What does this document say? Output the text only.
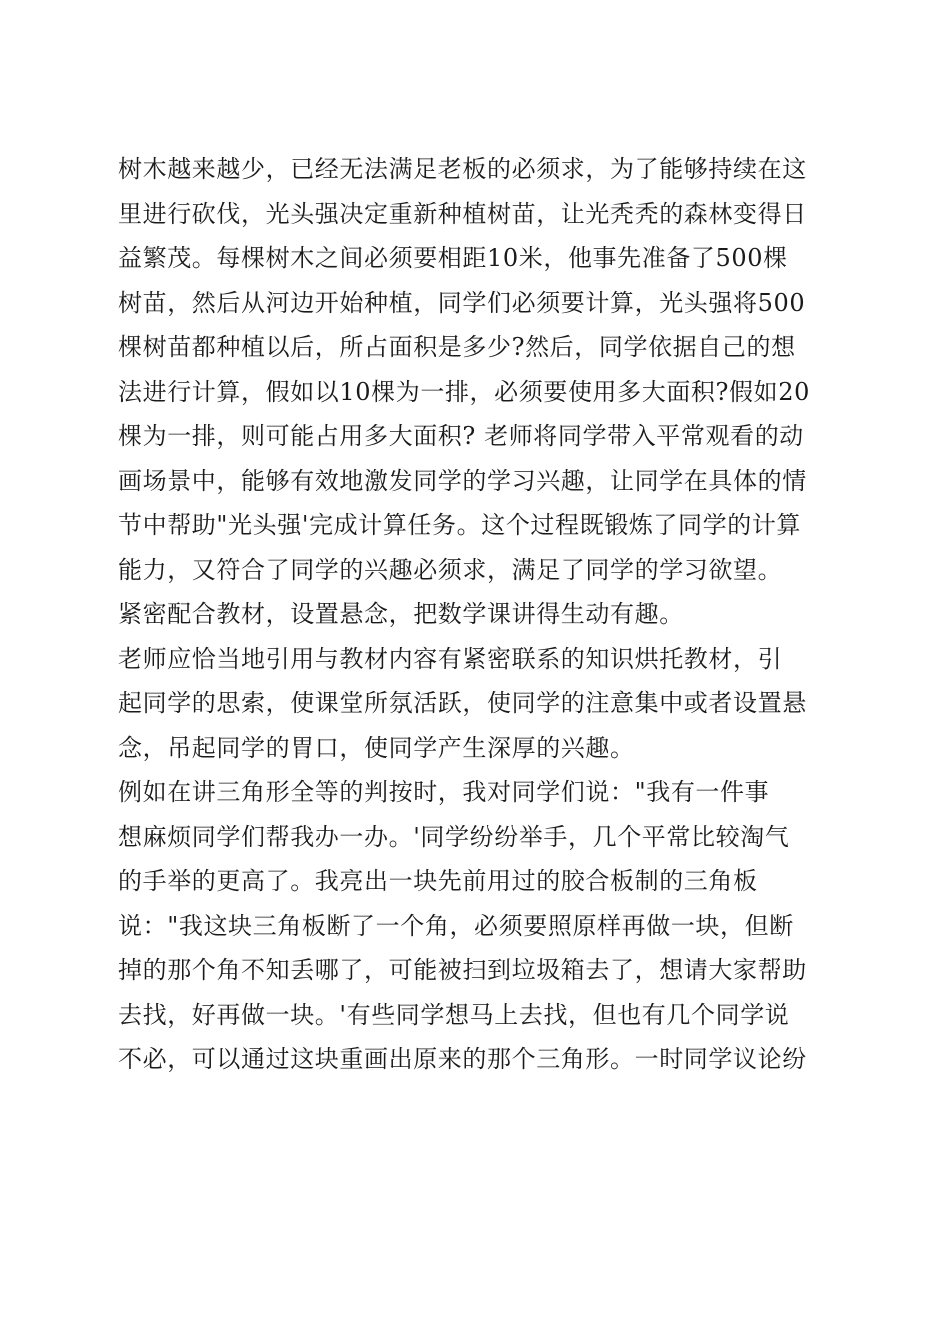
树木越来越少，已经无法满足老板的必须求，为了能够持续在这
里进行砍伐，光头强决定重新种植树苗，让光秃秃的森林变得日
益繁茂。每棵树木之间必须要相距10米，他事先准备了500棵
树苗，然后从河边开始种植，同学们必须要计算，光头强将500
棵树苗都种植以后，所占面积是多少?然后，同学依据自己的想
法进行计算，假如以10棵为一排，必须要使用多大面积?假如20
棵为一排，则可能占用多大面积? 老师将同学带入平常观看的动
画场景中，能够有效地激发同学的学习兴趣，让同学在具体的情
节中帮助"光头强'完成计算任务。这个过程既锻炼了同学的计算
能力，又符合了同学的兴趣必须求，满足了同学的学习欲望。
紧密配合教材，设置悬念，把数学课讲得生动有趣。
老师应恰当地引用与教材内容有紧密联系的知识烘托教材，引
起同学的思索，使课堂所氛活跃，使同学的注意集中或者设置悬
念，吊起同学的胃口，使同学产生深厚的兴趣。
例如在讲三角形全等的判按时，我对同学们说："我有一件事
想麻烦同学们帮我办一办。'同学纷纷举手，几个平常比较淘气
的手举的更高了。我亮出一块先前用过的胶合板制的三角板
说："我这块三角板断了一个角，必须要照原样再做一块，但断
掉的那个角不知丢哪了，可能被扫到垃圾箱去了，想请大家帮助
去找，好再做一块。'有些同学想马上去找，但也有几个同学说
不必，可以通过这块重画出原来的那个三角形。一时同学议论纷
